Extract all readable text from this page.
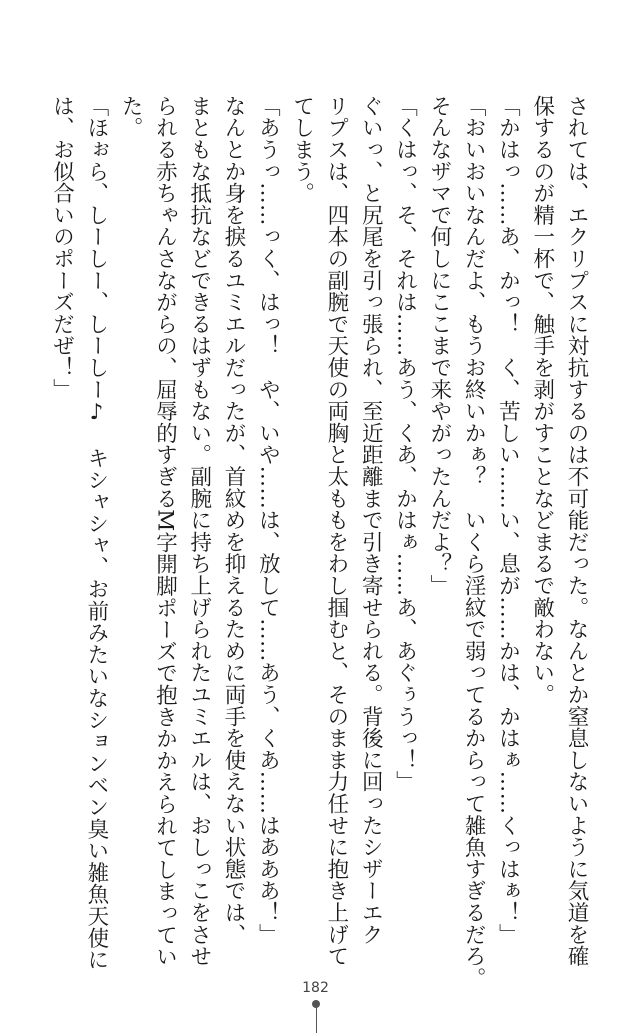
されては、エクリプスに対抗するのは不可能だった。なんとか窒息しないように気道を確
保するのが精一杯で、触手を剥がすことなどまるで敵わない。
「かはっ……あ、かっ！　く、苦しい……い、息が……かは、かはぁ……くっはぁ！」
「おいおいなんだよ、もうお終いかぁ？　いくら淫紋で弱ってるからって雑魚すぎるだろ。
そんなザマで何しにここまで来やがったんだよ？」
「くはっ、そ、それは……あう、くあ、かはぁ……あ、あぐぅうっ！」
ぐいっ、と尻尾を引っ張られ、至近距離まで引き寄せられる。背後に回ったシザーエク
リプスは、四本の副腕で天使の両胸と太ももをわし掴むと、そのまま力任せに抱き上げて
てしまう。
「あうっ……っく、はっ！　や、いや……は、放して……あう、くあ……はあああ！」
なんとか身を捩るユミエルだったが、首紋めを抑えるために両手を使えない状態では、
まともな抵抗などできるはずもない。副腕に持ち上げられたユミエルは、おしっこをさせ
られる赤ちゃんさながらの、屈辱的すぎるM字開脚ポーズで抱きかかえられてしまってい
た。
「ほぉら、しーしー、しーしー♪　キシャシャ、お前みたいなションベン臭い雑魚天使に
は、お似合いのポーズだぜ！」
182
